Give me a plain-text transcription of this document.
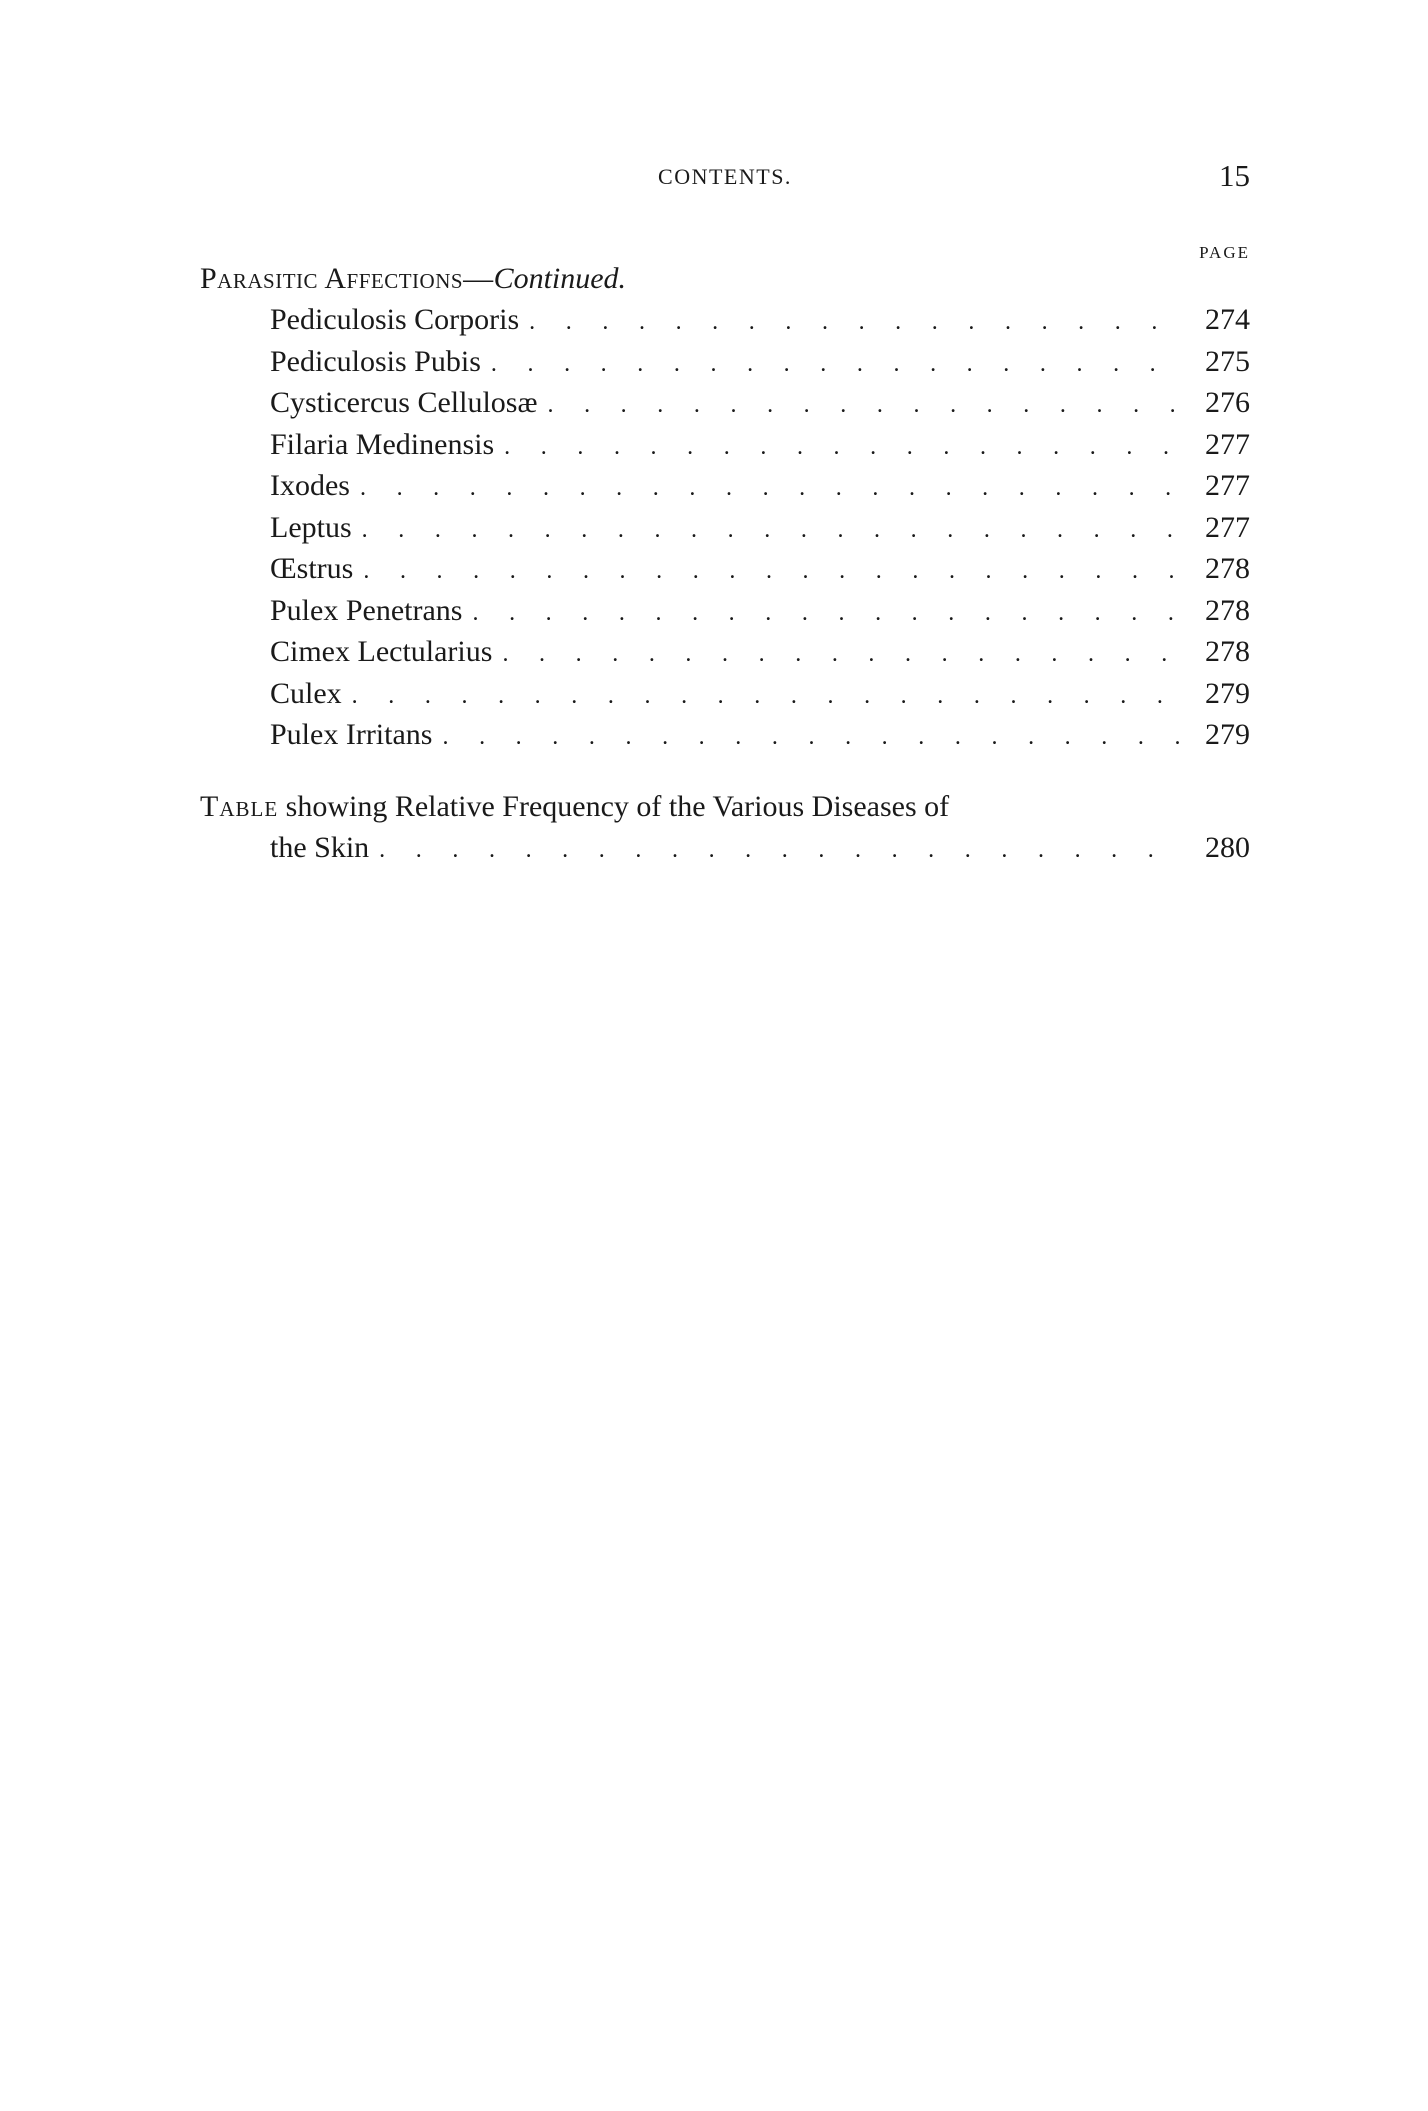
CONTENTS.	15
PAGE
Parasitic Affections—Continued.
Pediculosis Corporis . . .	274
Pediculosis Pubis . . .	275
Cysticercus Cellulosæ . . .	276
Filaria Medinensis . . .	277
Ixodes . . .	277
Leptus . . .	277
Œstrus . . .	278
Pulex Penetrans . . .	278
Cimex Lectularius . . .	278
Culex . . .	279
Pulex Irritans . . .	279
Table showing Relative Frequency of the Various Diseases of
the Skin . . .	280
